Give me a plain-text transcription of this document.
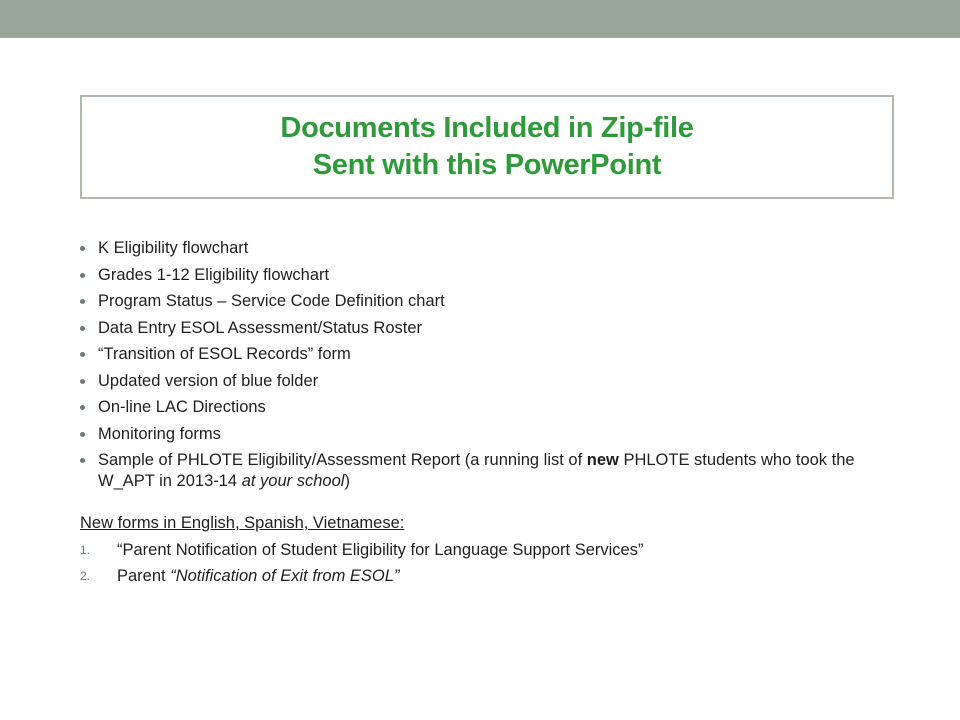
Documents Included in Zip-file
Sent with this PowerPoint
K Eligibility flowchart
Grades 1-12 Eligibility flowchart
Program Status – Service Code Definition chart
Data Entry ESOL Assessment/Status Roster
“Transition of ESOL Records” form
Updated version of blue folder
On-line LAC Directions
Monitoring forms
Sample of PHLOTE Eligibility/Assessment Report (a running list of new PHLOTE students who took the W_APT in 2013-14 at your school)
New forms in English, Spanish, Vietnamese:
1. “Parent Notification of Student Eligibility for Language Support Services”
2. Parent “Notification of Exit from ESOL”
